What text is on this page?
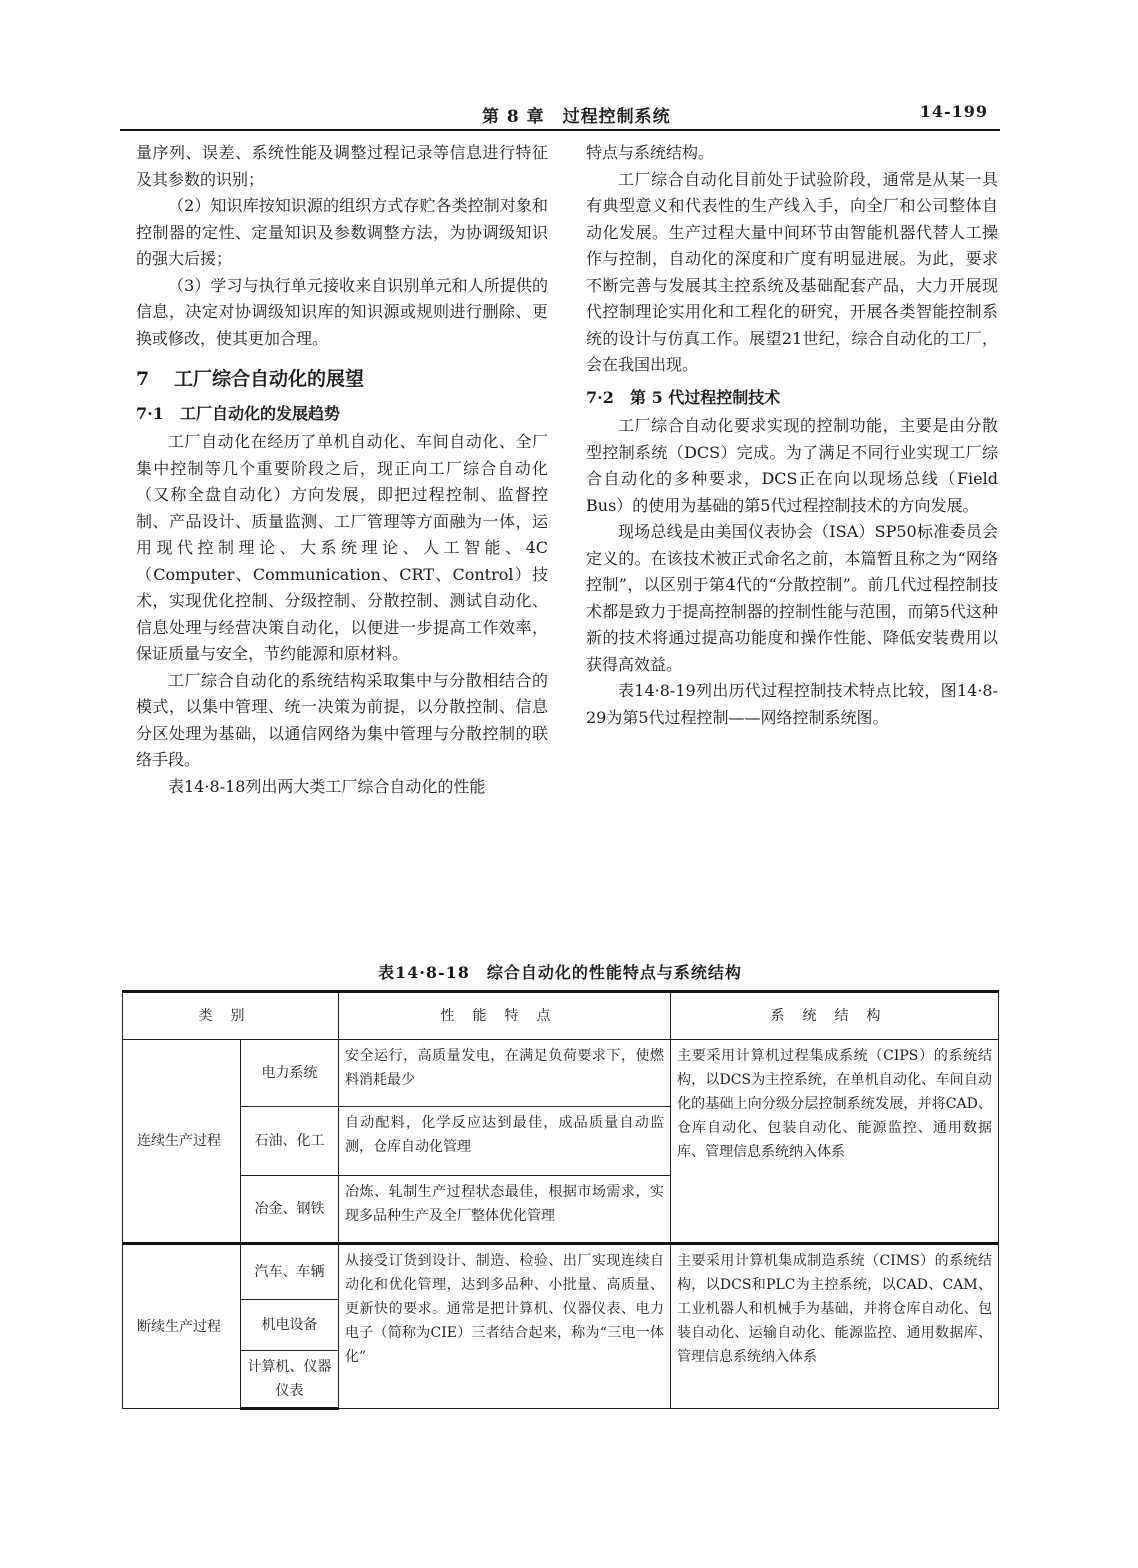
第 8 章　过程控制系统	14-199

量序列、误差、系统性能及调整过程记录等信息进行特征及其参数的识别；

（2）知识库按知识源的组织方式存贮各类控制对象和控制器的定性、定量知识及参数调整方法，为协调级知识的强大后援；

（3）学习与执行单元接收来自识别单元和人所提供的信息，决定对协调级知识库的知识源或规则进行删除、更换或修改，使其更加合理。

7 工厂综合自动化的展望

7·1 工厂自动化的发展趋势

工厂自动化在经历了单机自动化、车间自动化、全厂集中控制等几个重要阶段之后，现正向工厂综合自动化（又称全盘自动化）方向发展，即把过程控制、监督控制、产品设计、质量监测、工厂管理等方面融为一体，运用现代控制理论、大系统理论、人工智能、4C（Computer、Communication、CRT、Control）技术，实现优化控制、分级控制、分散控制、测试自动化、信息处理与经营决策自动化，以便进一步提高工作效率，保证质量与安全，节约能源和原材料。

工厂综合自动化的系统结构采取集中与分散相结合的模式，以集中管理、统一决策为前提，以分散控制、信息分区处理为基础，以通信网络为集中管理与分散控制的联络手段。

表14·8-18列出两大类工厂综合自动化的性能

特点与系统结构。

工厂综合自动化目前处于试验阶段，通常是从某一具有典型意义和代表性的生产线入手，向全厂和公司整体自动化发展。生产过程大量中间环节由智能机器代替人工操作与控制，自动化的深度和广度有明显进展。为此，要求不断完善与发展其主控系统及基础配套产品，大力开展现代控制理论实用化和工程化的研究，开展各类智能控制系统的设计与仿真工作。展望21世纪，综合自动化的工厂，会在我国出现。

7·2 第 5 代过程控制技术

工厂综合自动化要求实现的控制功能，主要是由分散型控制系统（DCS）完成。为了满足不同行业实现工厂综合自动化的多种要求，DCS正在向以现场总线（Field Bus）的使用为基础的第5代过程控制技术的方向发展。

现场总线是由美国仪表协会（ISA）SP50标准委员会定义的。在该技术被正式命名之前，本篇暂且称之为“网络控制”，以区别于第4代的“分散控制”。前几代过程控制技术都是致力于提高控制器的控制性能与范围，而第5代这种新的技术将通过提高功能度和操作性能、降低安装费用以获得高效益。

表14·8-19列出历代过程控制技术特点比较，图14·8-29为第5代过程控制——网络控制系统图。

表14·8-18　综合自动化的性能特点与系统结构
类别		性能特点	系统结构
连续生产过程	电力系统	安全运行，高质量发电，在满足负荷要求下，使燃料消耗最少	主要采用计算机过程集成系统（CIPS）的系统结构，以DCS为主控系统，在单机自动化、车间自动化的基础上向分级分层控制系统发展，并将CAD、仓库自动化、包装自动化、能源监控、通用数据库、管理信息系统纳入体系
	石油、化工	自动配料，化学反应达到最佳，成品质量自动监测，仓库自动化管理	
	冶金、钢铁	冶炼、轧制生产过程状态最佳，根据市场需求，实现多品种生产及全厂整体优化管理	
断续生产过程	汽车、车辆	从接受订货到设计、制造、检验、出厂实现连续自动化和优化管理，达到多品种、小批量、高质量、更新快的要求。通常是把计算机、仪器仪表、电力电子（简称为CIE）三者结合起来，称为“三电一体化”	主要采用计算机集成制造系统（CIMS）的系统结构，以DCS和PLC为主控系统，以CAD、CAM、工业机器人和机械手为基础，并将仓库自动化、包装自动化、运输自动化、能源监控、通用数据库、管理信息系统纳入体系
	机电设备		
	计算机、仪器仪表		
